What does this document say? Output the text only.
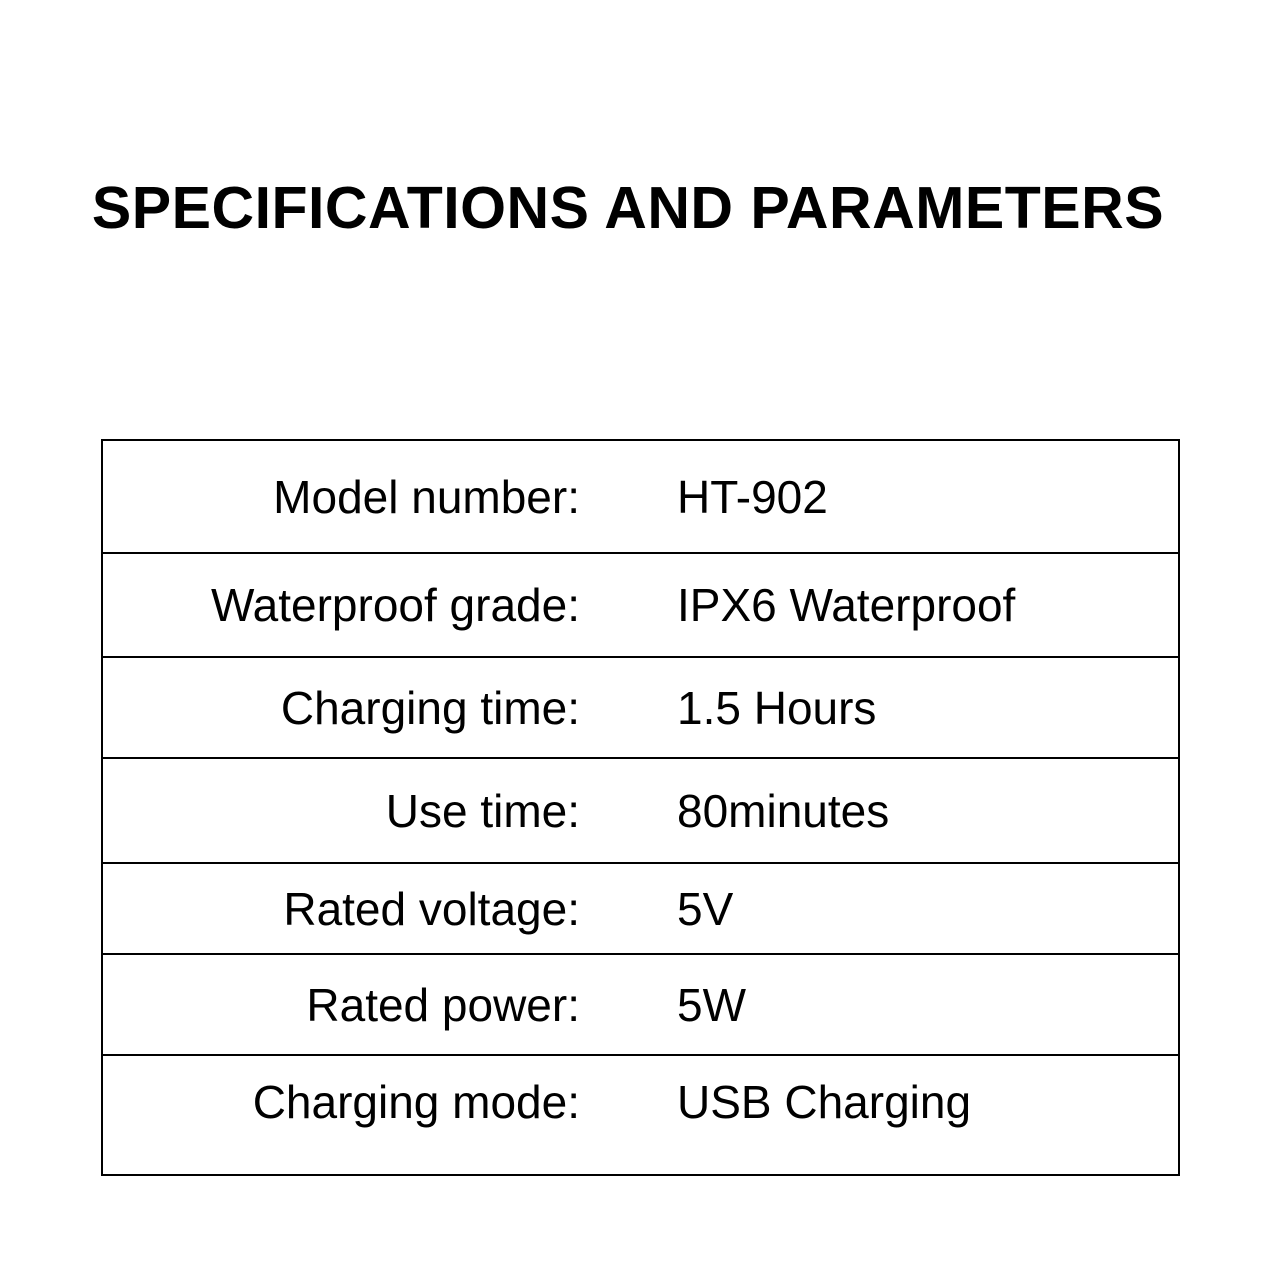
SPECIFICATIONS AND PARAMETERS
Model number: HT-902
Waterproof grade: IPX6 Waterproof
Charging time: 1.5 Hours
Use time: 80minutes
Rated voltage: 5V
Rated power: 5W
Charging mode: USB Charging
